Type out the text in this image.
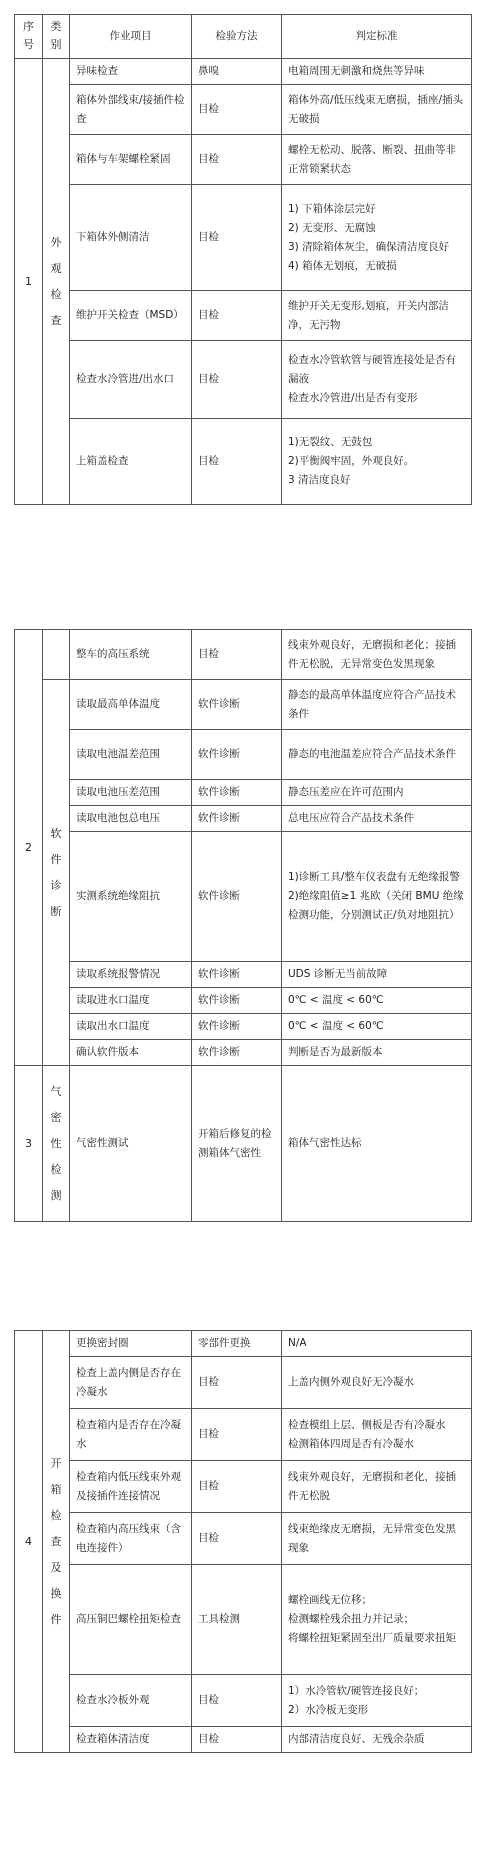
序号	类别	作业项目	检验方法	判定标准
1	外观检查	异味检查	鼻嗅	电箱周围无刺激和烧焦等异味

		箱体外部线束/接插件检查	目检	箱体外高/低压线束无磨损，插座/插头无破损

		箱体与车架螺栓紧固	目检	螺栓无松动、脱落、断裂、扭曲等非正常锁紧状态

		下箱体外侧清洁	目检	1) 下箱体涂层完好
2) 无变形、无腐蚀
3) 清除箱体灰尘，确保清洁度良好
4) 箱体无划痕，无破损

		维护开关检查（MSD）	目检	维护开关无变形,划痕，开关内部洁净，无污物

		检查水冷管进/出水口	目检	检查水冷管软管与硬管连接处是否有漏液
检查水冷管进/出是否有变形

		上箱盖检查	目检	1)无裂纹、无鼓包
2)平衡阀牢固，外观良好。
3 清洁度良好
2		整车的高压系统	目检	线束外观良好，无磨损和老化；接插件无松脱，无异常变色发黑现象

	软件诊断	读取最高单体温度	软件诊断	静态的最高单体温度应符合产品技术条件

		读取电池温差范围	软件诊断	静态的电池温差应符合产品技术条件

		读取电池压差范围	软件诊断	静态压差应在许可范围内

		读取电池包总电压	软件诊断	总电压应符合产品技术条件

		实测系统绝缘阻抗	软件诊断	1)诊断工具/整车仪表盘有无绝缘报警
2)绝缘阻值≥1 兆欧（关闭 BMU 绝缘检测功能，分别测试正/负对地阻抗）

		读取系统报警情况	软件诊断	UDS 诊断无当前故障

		读取进水口温度	软件诊断	0℃ < 温度 < 60℃

		读取出水口温度	软件诊断	0℃ < 温度 < 60℃

		确认软件版本	软件诊断	判断是否为最新版本

3	气密性检测	气密性测试	开箱后修复的检测箱体气密性	箱体气密性达标
4	开箱检查及换件	更换密封圈	零部件更换	N/A

		检查上盖内侧是否存在冷凝水	目检	上盖内侧外观良好无冷凝水

		检查箱内是否存在冷凝水	目检	检查模组上层、侧板是否有冷凝水
检测箱体四周是否有冷凝水

		检查箱内低压线束外观及接插件连接情况	目检	线束外观良好，无磨损和老化，接插件无松脱

		检查箱内高压线束（含电连接件）	目检	线束绝缘皮无磨损，无异常变色发黑现象

		高压铜巴螺栓扭矩检查	工具检测	螺栓画线无位移；
检测螺栓残余扭力并记录；
将螺栓扭矩紧固至出厂质量要求扭矩

		检查水冷板外观	目检	1）水冷管软/硬管连接良好；
2）水冷板无变形

		检查箱体清洁度	目检	内部清洁度良好、无残余杂质
